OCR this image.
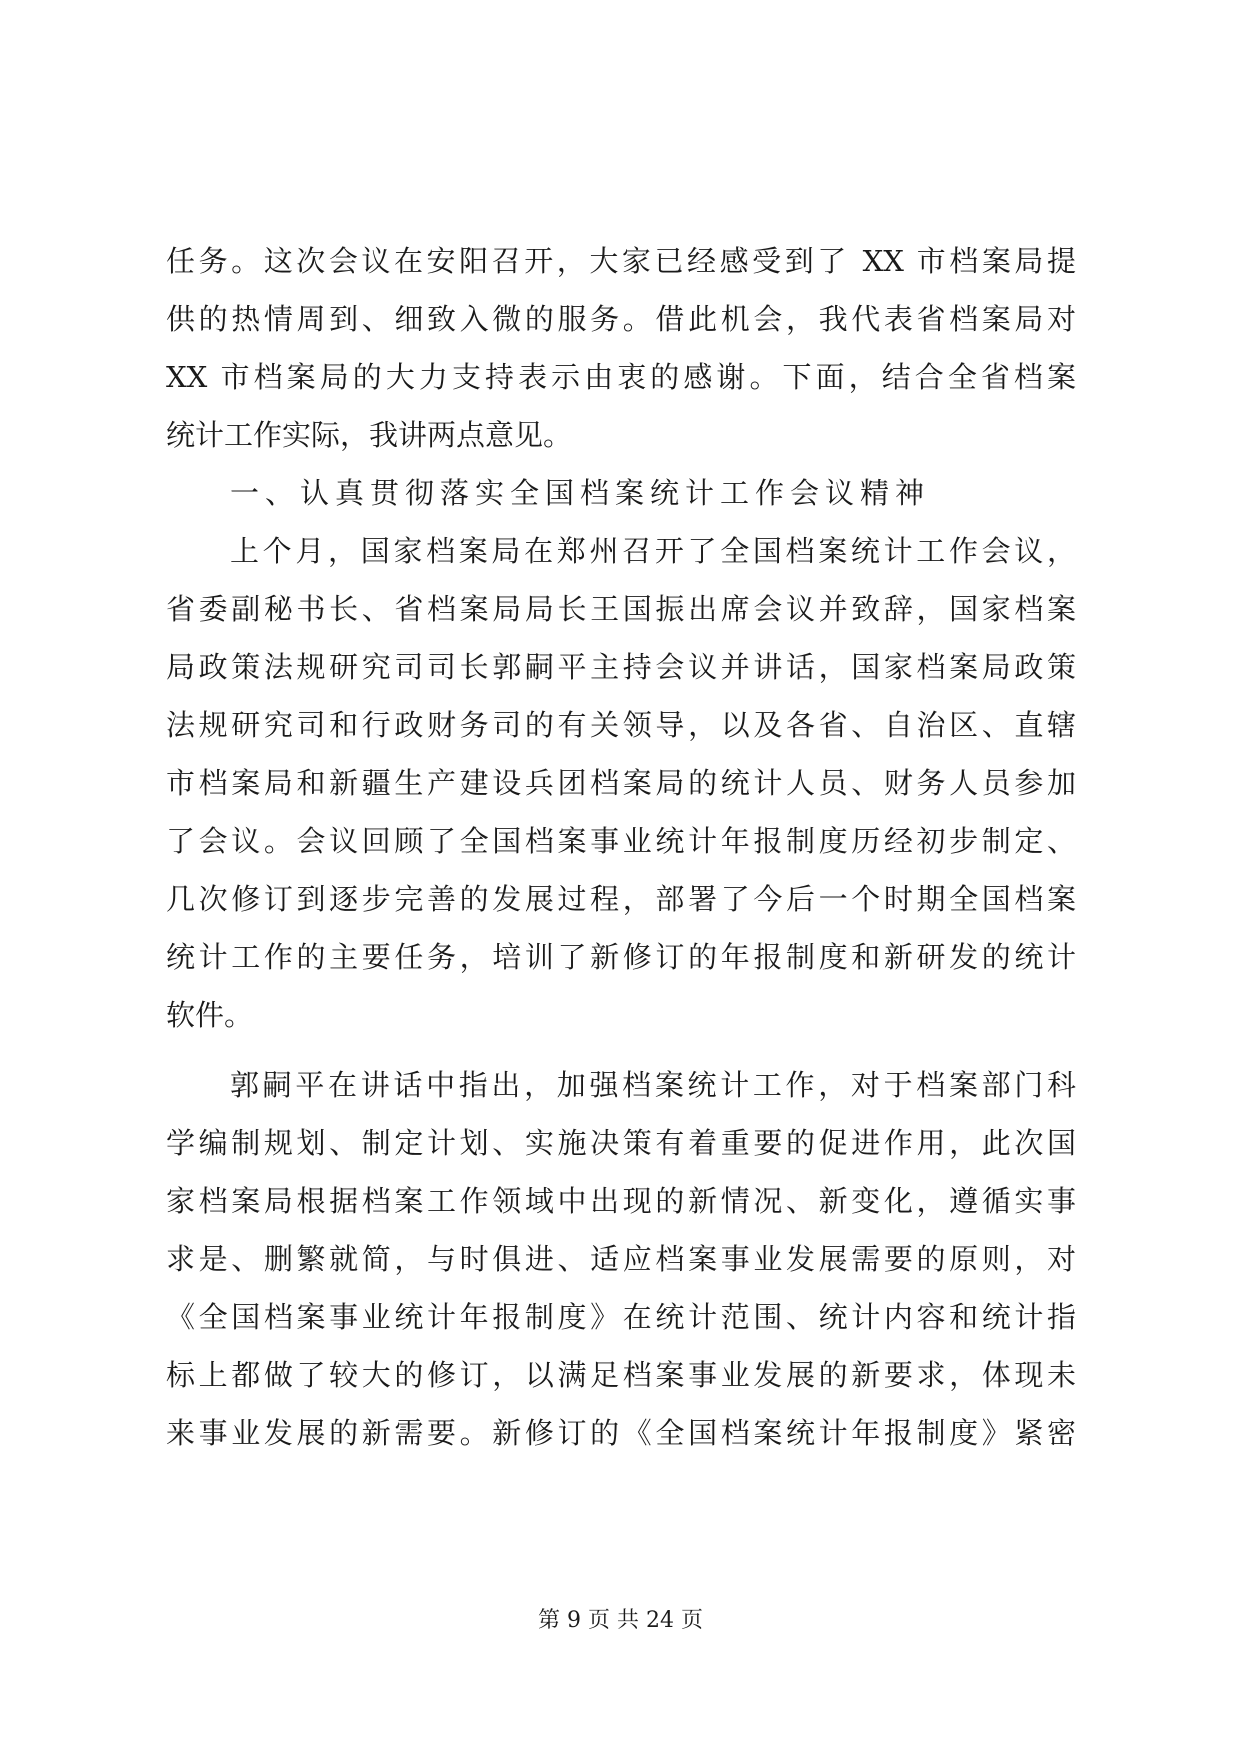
任务。这次会议在安阳召开，大家已经感受到了 XX 市档案局提
供的热情周到、细致入微的服务。借此机会，我代表省档案局对
XX 市档案局的大力支持表示由衷的感谢。下面，结合全省档案
统计工作实际，我讲两点意见。
一、认真贯彻落实全国档案统计工作会议精神
上个月，国家档案局在郑州召开了全国档案统计工作会议，
省委副秘书长、省档案局局长王国振出席会议并致辞，国家档案
局政策法规研究司司长郭嗣平主持会议并讲话，国家档案局政策
法规研究司和行政财务司的有关领导，以及各省、自治区、直辖
市档案局和新疆生产建设兵团档案局的统计人员、财务人员参加
了会议。会议回顾了全国档案事业统计年报制度历经初步制定、
几次修订到逐步完善的发展过程，部署了今后一个时期全国档案
统计工作的主要任务，培训了新修订的年报制度和新研发的统计
软件。
郭嗣平在讲话中指出，加强档案统计工作，对于档案部门科
学编制规划、制定计划、实施决策有着重要的促进作用，此次国
家档案局根据档案工作领域中出现的新情况、新变化，遵循实事
求是、删繁就简，与时俱进、适应档案事业发展需要的原则，对
《全国档案事业统计年报制度》在统计范围、统计内容和统计指
标上都做了较大的修订，以满足档案事业发展的新要求，体现未
来事业发展的新需要。新修订的《全国档案统计年报制度》紧密
第 9 页 共 24 页
